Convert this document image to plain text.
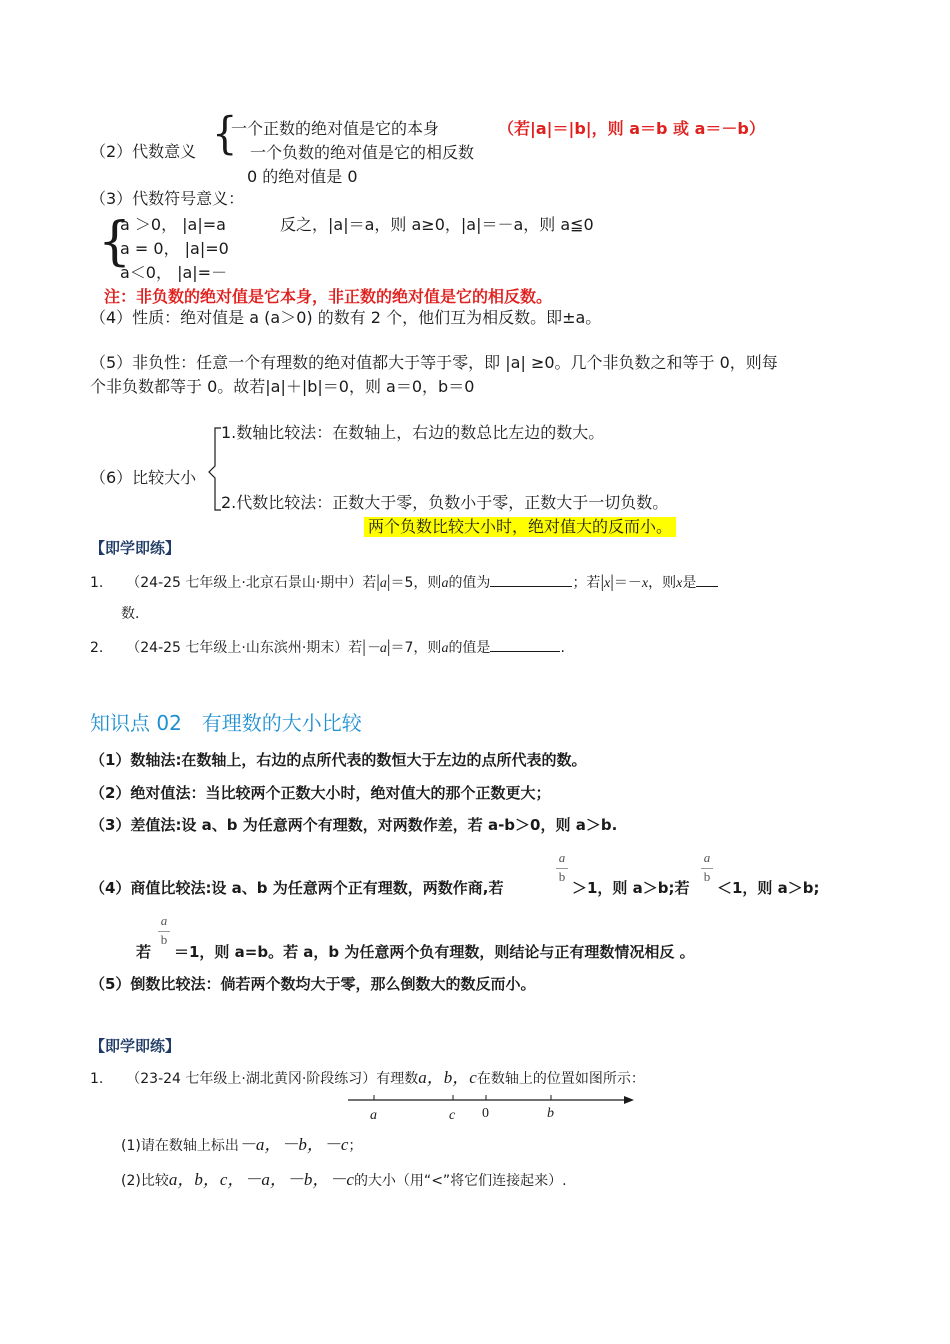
{
（2）代数意义
一个正数的绝对值是它的本身	（若|a|＝|b|，则 a＝b 或 a＝－b）
一个负数的绝对值是它的相反数
0 的绝对值是 0
（3）代数符号意义：
{
a ＞0， |a|=a	反之，|a|＝a，则 a≥0，|a|＝－a，则 a≦0
a = 0， |a|=0
a＜0， |a|=－
注：非负数的绝对值是它本身，非正数的绝对值是它的相反数。
（4）性质：绝对值是 a (a＞0) 的数有 2 个，他们互为相反数。即±a。
（5）非负性：任意一个有理数的绝对值都大于等于零，即 |a| ≥0。几个非负数之和等于 0，则每
个非负数都等于 0。故若|a|＋|b|＝0，则 a＝0，b＝0
（6）比较大小
1.数轴比较法：在数轴上，右边的数总比左边的数大。
2.代数比较法：正数大于零，负数小于零，正数大于一切负数。
两个负数比较大小时，绝对值大的反而小。
【即学即练】
1. （24-25 七年级上·北京石景山·期中）若|a|＝5，则a的值为	；若|x|＝－x，则x是
数.
2. （24-25 七年级上·山东滨州·期末）若|－a|＝7，则a的值是	.
知识点 02　有理数的大小比较
（1）数轴法:在数轴上，右边的点所代表的数恒大于左边的点所代表的数。
（2）绝对值法：当比较两个正数大小时，绝对值大的那个正数更大；
（3）差值法:设 a、b 为任意两个有理数，对两数作差，若 a-b＞0，则 a＞b.
a
b
a
b
（4）商值比较法:设 a、b 为任意两个正有理数，两数作商,若	＞1，则 a＞b;若 ＜1，则 a＞b;
a
b
若 ＝1，则 a=b。若 a，b 为任意两个负有理数，则结论与正有理数情况相反 。
（5）倒数比较法：倘若两个数均大于零，那么倒数大的数反而小。
【即学即练】
1. （23-24 七年级上·湖北黄冈·阶段练习）有理数a，b，c在数轴上的位置如图所示：
a	c 0	b
(1)请在数轴上标出－a，－b，－c；
(2)比较a，b，c，－a，－b，－c的大小（用“<”将它们连接起来）.
